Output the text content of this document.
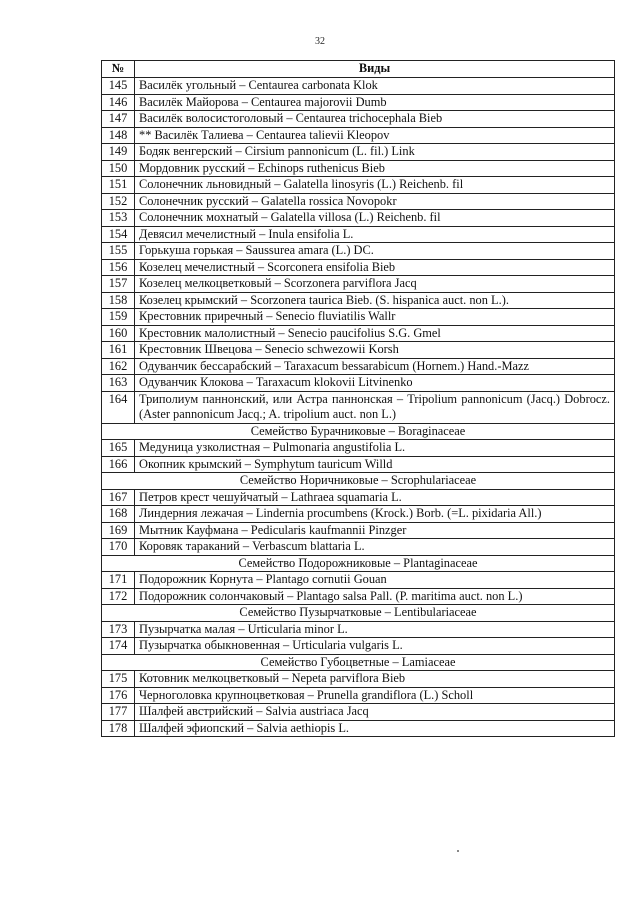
32
№	Виды
145	Василёк угольный – Centaurea carbonata Klok
146	Василёк Майорова – Centaurea majorovii Dumb
147	Василёк волосистоголовый – Centaurea trichocephala Bieb
148	** Василёк Талиева – Centaurea talievii Kleopov
149	Бодяк венгерский – Cirsium pannonicum (L. fil.) Link
150	Мордовник русский – Echinops ruthenicus Bieb
151	Солонечник льновидный – Galatella linosyris (L.) Reichenb. fil
152	Солонечник русский – Galatella rossica Novopokr
153	Солонечник мохнатый – Galatella villosa (L.) Reichenb. fil
154	Девясил мечелистный – Inula ensifolia L.
155	Горькуша горькая – Saussurea amara (L.) DC.
156	Козелец мечелистный – Scorconera ensifolia Bieb
157	Козелец мелкоцветковый – Scorzonera parviflora Jacq
158	Козелец крымский – Scorzonera taurica Bieb. (S. hispanica auct. non L.).
159	Крестовник приречный – Senecio fluviatilis Wallr
160	Крестовник малолистный – Senecio paucifolius S.G. Gmel
161	Крестовник Швецова – Senecio schwezowii Korsh
162	Одуванчик бессарабский – Taraxacum bessarabicum (Hornem.) Hand.-Mazz
163	Одуванчик Клокова – Taraxacum klokovii Litvinenko
164	Триполиум паннонский, или Астра паннонская – Tripolium pannonicum (Jacq.) Dobrocz. (Aster pannonicum Jacq.; A. tripolium auct. non L.)
Семейство Бурачниковые – Boraginaceae	
165	Медуница узколистная – Pulmonaria angustifolia L.
166	Окопник крымский – Symphytum tauricum Willd
Семейство Норичниковые – Scrophulariaceae	
167	Петров крест чешуйчатый – Lathraea squamaria L.
168	Линдерния лежачая – Lindernia procumbens (Krock.) Borb. (=L. pixidaria All.)
169	Мытник Кауфмана – Pedicularis kaufmannii Pinzger
170	Коровяк тараканий – Verbascum blattaria L.
Семейство Подорожниковые – Plantaginaceae	
171	Подорожник Корнута – Plantago cornutii Gouan
172	Подорожник солончаковый – Plantago salsa Pall. (P. maritima auct. non L.)
Семейство Пузырчатковые – Lentibulariaceae	
173	Пузырчатка малая – Urticularia minor L.
174	Пузырчатка обыкновенная – Urticularia vulgaris L.
Семейство Губоцветные – Lamiaceae	
175	Котовник мелкоцветковый – Nepeta parviflora Bieb
176	Черноголовка крупноцветковая – Prunella grandiflora (L.) Scholl
177	Шалфей австрийский – Salvia austriaca Jacq
178	Шалфей эфиопский – Salvia aethiopis L.
